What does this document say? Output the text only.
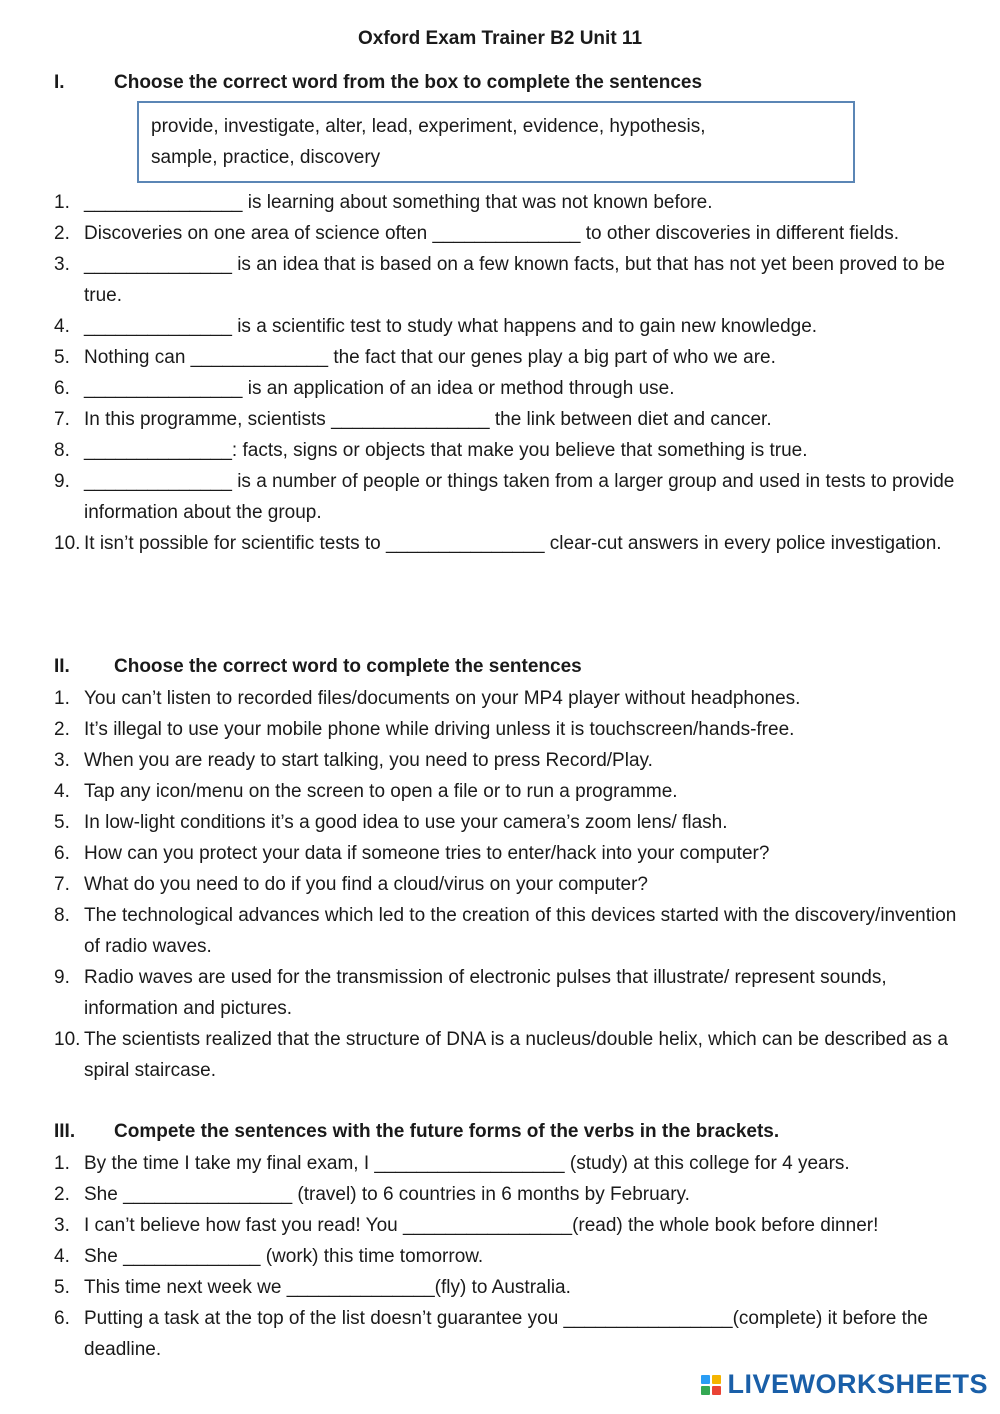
Oxford Exam Trainer B2 Unit 11
I.	Choose the correct word from the box to complete the sentences
provide, investigate, alter, lead, experiment, evidence, hypothesis,
sample, practice, discovery
1. _______________ is learning about something that was not known before.
2. Discoveries on one area of science often ______________ to other discoveries in different fields.
3. ______________ is an idea that is based on a few known facts, but that has not yet been proved to be true.
4. ______________ is a scientific test to study what happens and to gain new knowledge.
5. Nothing can _____________ the fact that our genes play a big part of who we are.
6. _______________ is an application of an idea or method through use.
7. In this programme, scientists _______________ the link between diet and cancer.
8. ______________: facts, signs or objects that make you believe that something is true.
9. ______________ is a number of people or things taken from a larger group and used in tests to provide information about the group.
10. It isn’t possible for scientific tests to _______________ clear-cut answers in every police investigation.
II. Choose the correct word to complete the sentences
1. You can’t listen to recorded files/documents on your MP4 player without headphones.
2. It’s illegal to use your mobile phone while driving unless it is touchscreen/hands-free.
3. When you are ready to start talking, you need to press Record/Play.
4. Tap any icon/menu on the screen to open a file or to run a programme.
5. In low-light conditions it’s a good idea to use your camera’s zoom lens/ flash.
6. How can you protect your data if someone tries to enter/hack into your computer?
7. What do you need to do if you find a cloud/virus on your computer?
8. The technological advances which led to the creation of this devices started with the discovery/invention of radio waves.
9. Radio waves are used for the transmission of electronic pulses that illustrate/ represent sounds, information and pictures.
10. The scientists realized that the structure of DNA is a nucleus/double helix, which can be described as a spiral staircase.
III. Compete the sentences with the future forms of the verbs in the brackets.
1. By the time I take my final exam, I __________________ (study) at this college for 4 years.
2. She ________________ (travel) to 6 countries in 6 months by February.
3. I can’t believe how fast you read! You ________________(read) the whole book before dinner!
4. She _____________ (work) this time tomorrow.
5. This time next week we ______________(fly) to Australia.
6. Putting a task at the top of the list doesn’t guarantee you ________________(complete) it before the deadline.
LIVEWORKSHEETS
